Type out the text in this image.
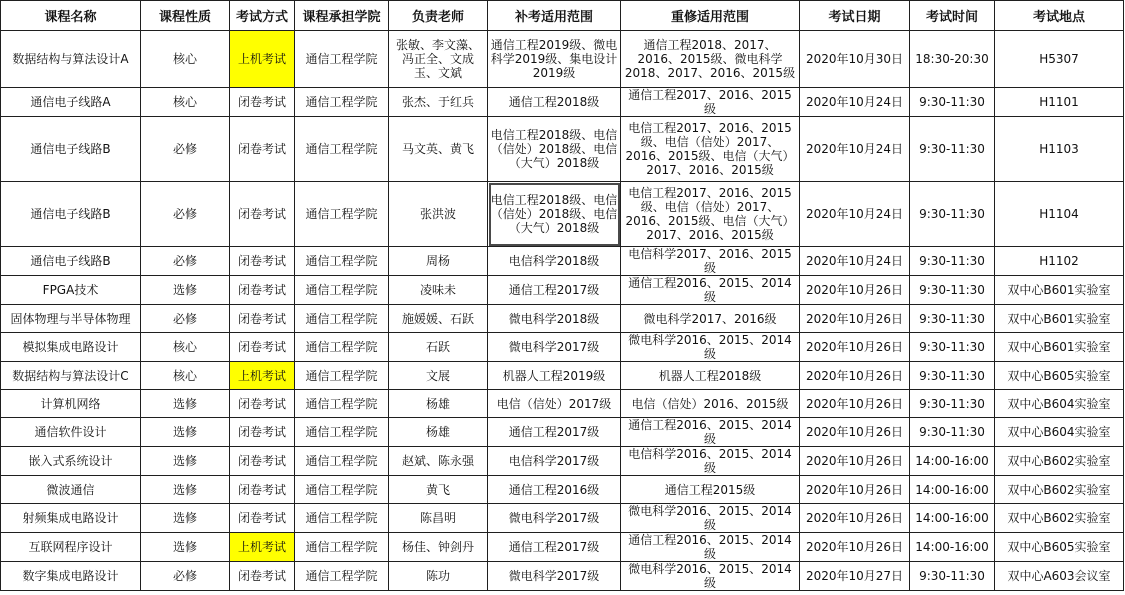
课程名称	课程性质	考试方式	课程承担学院	负责老师	补考适用范围	重修适用范围	考试日期	考试时间	考试地点
数据结构与算法设计A	核心	上机考试	通信工程学院	张敏、李文藻、冯正全、文成玉、文斌	通信工程2019级、微电科学2019级、集电设计2019级	通信工程2018、2017、2016、2015级、微电科学2018、2017、2016、2015级	2020年10月30日	18:30-20:30	H5307
通信电子线路A	核心	闭卷考试	通信工程学院	张杰、于红兵	通信工程2018级	通信工程2017、2016、2015级	2020年10月24日	9:30-11:30	H1101
通信电子线路B	必修	闭卷考试	通信工程学院	马文英、黄飞	电信工程2018级、电信（信处）2018级、电信（大气）2018级	电信工程2017、2016、2015级、电信（信处）2017、2016、2015级、电信（大气）2017、2016、2015级	2020年10月24日	9:30-11:30	H1103
通信电子线路B	必修	闭卷考试	通信工程学院	张洪波	电信工程2018级、电信（信处）2018级、电信（大气）2018级	电信工程2017、2016、2015级、电信（信处）2017、2016、2015级、电信（大气）2017、2016、2015级	2020年10月24日	9:30-11:30	H1104
通信电子线路B	必修	闭卷考试	通信工程学院	周杨	电信科学2018级	电信科学2017、2016、2015级	2020年10月24日	9:30-11:30	H1102
FPGA技术	选修	闭卷考试	通信工程学院	凌味未	通信工程2017级	通信工程2016、2015、2014级	2020年10月26日	9:30-11:30	双中心B601实验室
固体物理与半导体物理	必修	闭卷考试	通信工程学院	施媛媛、石跃	微电科学2018级	微电科学2017、2016级	2020年10月26日	9:30-11:30	双中心B601实验室
模拟集成电路设计	核心	闭卷考试	通信工程学院	石跃	微电科学2017级	微电科学2016、2015、2014级	2020年10月26日	9:30-11:30	双中心B601实验室
数据结构与算法设计C	核心	上机考试	通信工程学院	文展	机器人工程2019级	机器人工程2018级	2020年10月26日	9:30-11:30	双中心B605实验室
计算机网络	选修	闭卷考试	通信工程学院	杨雄	电信（信处）2017级	电信（信处）2016、2015级	2020年10月26日	9:30-11:30	双中心B604实验室
通信软件设计	选修	闭卷考试	通信工程学院	杨雄	通信工程2017级	通信工程2016、2015、2014级	2020年10月26日	9:30-11:30	双中心B604实验室
嵌入式系统设计	选修	闭卷考试	通信工程学院	赵斌、陈永强	电信科学2017级	电信科学2016、2015、2014级	2020年10月26日	14:00-16:00	双中心B602实验室
微波通信	选修	闭卷考试	通信工程学院	黄飞	通信工程2016级	通信工程2015级	2020年10月26日	14:00-16:00	双中心B602实验室
射频集成电路设计	选修	闭卷考试	通信工程学院	陈昌明	微电科学2017级	微电科学2016、2015、2014级	2020年10月26日	14:00-16:00	双中心B602实验室
互联网程序设计	选修	上机考试	通信工程学院	杨佳、钟剑丹	通信工程2017级	通信工程2016、2015、2014级	2020年10月26日	14:00-16:00	双中心B605实验室
数字集成电路设计	必修	闭卷考试	通信工程学院	陈功	微电科学2017级	微电科学2016、2015、2014级	2020年10月27日	9:30-11:30	双中心A603会议室
